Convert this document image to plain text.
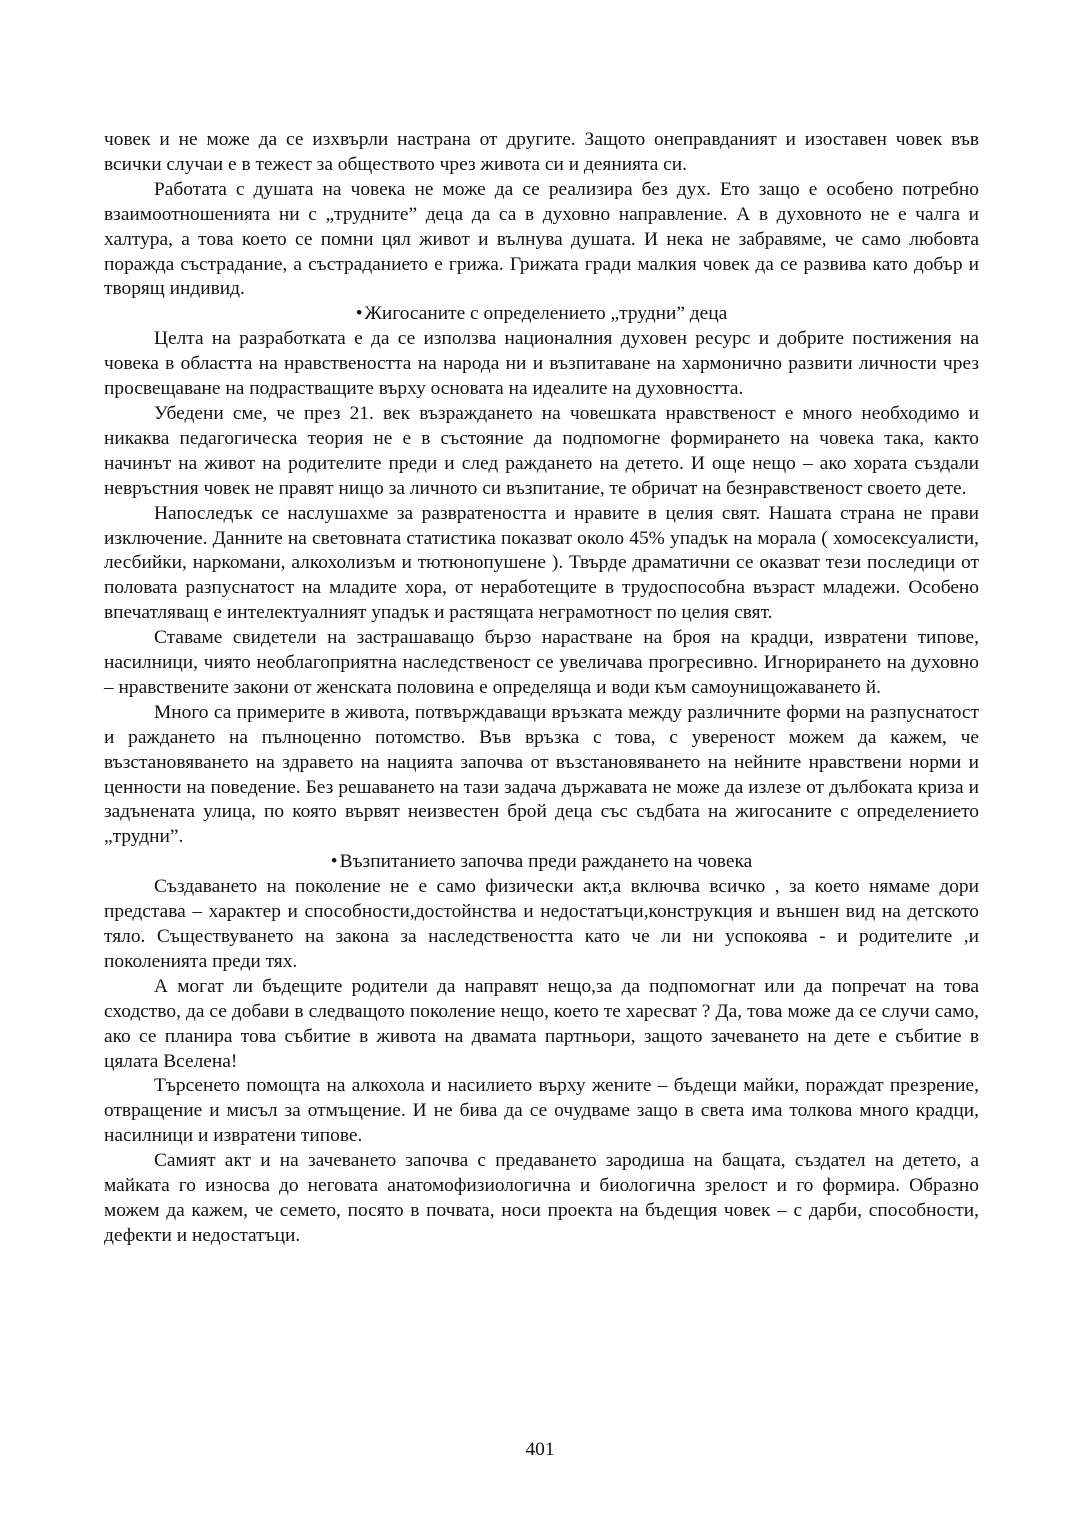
човек и не може да се изхвърли настрана от другите. Защото онеправданият и изоставен човек във всички случаи е в тежест за обществото чрез живота си и деянията си.

Работата с душата на човека не може да се реализира без дух. Ето защо е особено потребно взаимоотношенията ни с „трудните” деца да са в духовно направление. А в духовното не е чалга и халтура, а това което се помни цял живот и вълнува душата. И нека не забравяме, че само любовта поражда състрадание, а състраданието е грижа. Грижата гради малкия човек да се развива като добър и творящ индивид.

• Жигосаните с определението „трудни” деца

Целта на разработката е да се използва националния духовен ресурс и добрите постижения на човека в областта на нравствеността на народа ни и възпитаване на хармонично развити личности чрез просвещаване на подрастващите върху основата на идеалите на духовността.

Убедени сме, че през 21. век възраждането на човешката нравственост е много необходимо и никаква педагогическа теория не е в състояние да подпомогне формирането на човека така, както начинът на живот на родителите преди и след раждането на детето. И още нещо – ако хората създали невръстния човек не правят нищо за личното си възпитание, те обричат на безнравственост своето дете.

Напоследък се наслушахме за развратеността и нравите в целия свят. Нашата страна не прави изключение. Данните на световната статистика показват около 45% упадък на морала ( хомосексуалисти, лесбийки, наркомани, алкохолизъм и тютюнопушене ). Твърде драматични се оказват тези последици от половата разпуснатост на младите хора, от неработещите в трудоспособна възраст младежи. Особено впечатляващ е интелектуалният упадък и растящата неграмотност по целия свят.

Ставаме свидетели на застрашаващо бързо нарастване на броя на крадци, извратени типове, насилници, чиято необлагоприятна наследственост се увеличава прогресивно. Игнорирането на духовно – нравствените закони от женската половина е определяща и води към самоунищожаването й.

Много са примерите в живота, потвърждаващи връзката между различните форми на разпуснатост и раждането на пълноценно потомство. Във връзка с това, с увереност можем да кажем, че възстановяването на здравето на нацията започва от възстановяването на нейните нравствени норми и ценности на поведение. Без решаването на тази задача държавата не може да излезе от дълбоката криза и задънената улица, по която вървят неизвестен брой деца със съдбата на жигосаните с определението „трудни”.

• Възпитанието започва преди раждането на човека

Създаването на поколение не е само физически акт,а включва всичко , за което нямаме дори представа – характер и способности,достойнства и недостатъци,конструкция и външен вид на детското тяло. Съществуването на закона за наследствеността като че ли ни успокоява - и родителите ,и поколенията преди тях.

А могат ли бъдещите родители да направят нещо,за да подпомогнат или да попречат на това сходство, да се добави в следващото поколение нещо, което те харесват ? Да, това може да се случи само, ако се планира това събитие в живота на двамата партньори, защото зачеването на дете е събитие в цялата Вселена!

Търсенето помощта на алкохола и насилието върху жените – бъдещи майки, пораждат презрение, отвращение и мисъл за отмъщение. И не бива да се очудваме защо в света има толкова много крадци, насилници и извратени типове.

Самият акт и на зачеването започва с предаването зародиша на бащата, създател на детето, а майката го износва до неговата анатомофизиологична и биологична зрелост и го формира. Образно можем да кажем, че семето, посято в почвата, носи проекта на бъдещия човек – с дарби, способности, дефекти и недостатъци.

401
